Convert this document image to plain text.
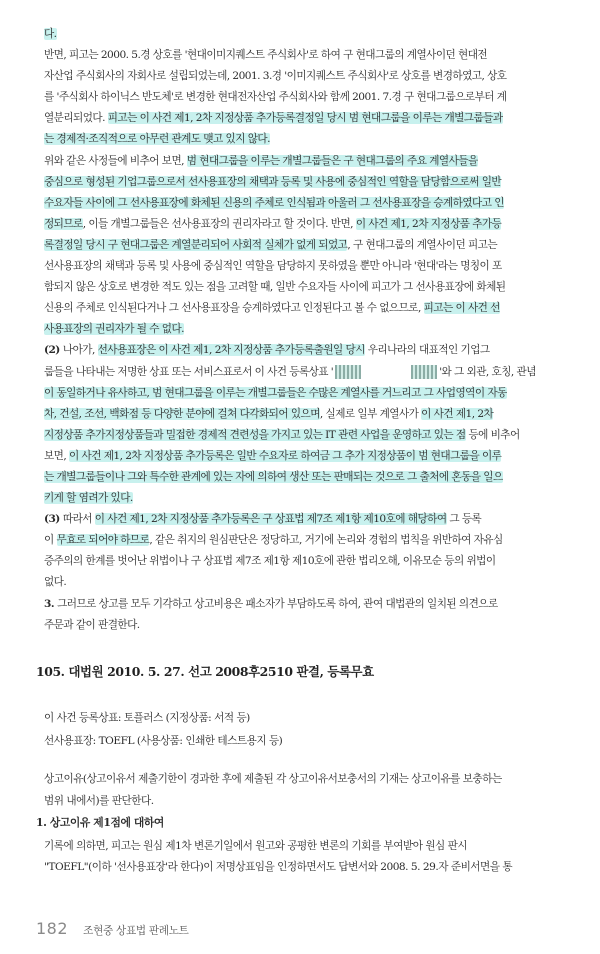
다.
반면, 피고는 2000. 5.경 상호를 '현대이미지퀘스트 주식회사'로 하여 구 현대그룹의 계열사이던 현대전
자산업 주식회사의 자회사로 설립되었는데, 2001. 3.경 '이미지퀘스트 주식회사'로 상호를 변경하였고, 상호
를 '주식회사 하이닉스 반도체'로 변경한 현대전자산업 주식회사와 함께 2001. 7.경 구 현대그룹으로부터 계
열분리되었다. 피고는 이 사건 제1, 2차 지정상품 추가등록결정일 당시 범 현대그룹을 이루는 개별그룹들과
는 경제적·조직적으로 아무런 관계도 맺고 있지 않다.
위와 같은 사정들에 비추어 보면, 범 현대그룹을 이루는 개별그룹들은 구 현대그룹의 주요 계열사들을
중심으로 형성된 기업그룹으로서 선사용표장의 채택과 등록 및 사용에 중심적인 역할을 담당함으로써 일반
수요자들 사이에 그 선사용표장에 화체된 신용의 주체로 인식됨과 아울러 그 선사용표장을 승계하였다고 인
정되므로, 이들 개별그룹들은 선사용표장의 권리자라고 할 것이다. 반면, 이 사건 제1, 2차 지정상품 추가등
록결정일 당시 구 현대그룹은 계열분리되어 사회적 실체가 없게 되었고, 구 현대그룹의 계열사이던 피고는
선사용표장의 채택과 등록 및 사용에 중심적인 역할을 담당하지 못하였을 뿐만 아니라 '현대'라는 명칭이 포
함되지 않은 상호로 변경한 적도 있는 점을 고려할 때, 일반 수요자들 사이에 피고가 그 선사용표장에 화체된
신용의 주체로 인식된다거나 그 선사용표장을 승계하였다고 인정된다고 볼 수 없으므로, 피고는 이 사건 선
사용표장의 권리자가 될 수 없다.
(2) 나아가, 선사용표장은 이 사건 제1, 2차 지정상품 추가등록출원일 당시 우리나라의 대표적인 기업그
룹들을 나타내는 저명한 상표 또는 서비스표로서 이 사건 등록상표 '	'와 그 외관, 호칭, 관념
이 동일하거나 유사하고, 범 현대그룹을 이루는 개별그룹들은 수많은 계열사를 거느리고 그 사업영역이 자동
차, 건설, 조선, 백화점 등 다양한 분야에 걸쳐 다각화되어 있으며, 실제로 일부 계열사가 이 사건 제1, 2차
지정상품 추가지정상품들과 밀접한 경제적 견련성을 가지고 있는 IT 관련 사업을 운영하고 있는 점 등에 비추어
보면, 이 사건 제1, 2차 지정상품 추가등록은 일반 수요자로 하여금 그 추가 지정상품이 범 현대그룹을 이루
는 개별그룹들이나 그와 특수한 관계에 있는 자에 의하여 생산 또는 판매되는 것으로 그 출처에 혼동을 일으
키게 할 염려가 있다.
(3) 따라서 이 사건 제1, 2차 지정상품 추가등록은 구 상표법 제7조 제1항 제10호에 해당하여 그 등록
이 무효로 되어야 하므로, 같은 취지의 원심판단은 정당하고, 거기에 논리와 경험의 법칙을 위반하여 자유심
증주의의 한계를 벗어난 위법이나 구 상표법 제7조 제1항 제10호에 관한 법리오해, 이유모순 등의 위법이
없다.
3. 그러므로 상고를 모두 기각하고 상고비용은 패소자가 부담하도록 하여, 관여 대법관의 일치된 의견으로
주문과 같이 판결한다.
105. 대법원 2010. 5. 27. 선고 2008후2510 판결, 등록무효
이 사건 등록상표: 토플러스 (지정상품: 서적 등)
선사용표장: TOEFL (사용상품: 인쇄한 테스트용지 등)
상고이유(상고이유서 제출기한이 경과한 후에 제출된 각 상고이유서보충서의 기재는 상고이유를 보충하는
범위 내에서)를 판단한다.
1. 상고이유 제1점에 대하여
기록에 의하면, 피고는 원심 제1차 변론기일에서 원고와 공평한 변론의 기회를 부여받아 원심 판시
"TOEFL"(이하 '선사용표장'라 한다)이 저명상표임을 인정하면서도 답변서와 2008. 5. 29.자 준비서면을 통
182 조현중 상표법 판례노트
